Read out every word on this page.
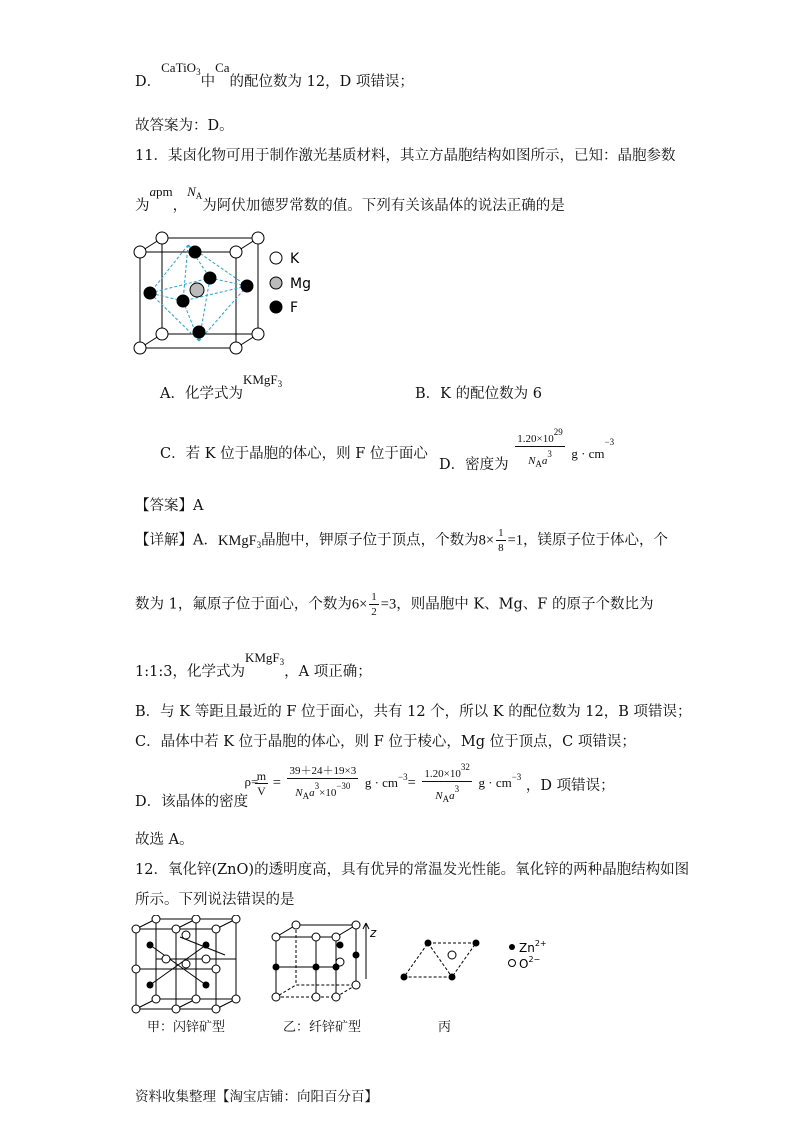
D．CaTiO$_3$中Ca的配位数为 12，D 项错误；
故答案为：D。
11．某卤化物可用于制作激光基质材料，其立方晶胞结构如图所示，已知：晶胞参数
为apm，$N_A$为阿伏加德罗常数的值。下列有关该晶体的说法正确的是
K
Mg
F
A．化学式为KMgF$_3$
B．K 的配位数为 6
C．若 K 位于晶胞的体心，则 F 位于面心
D．密度为 $\frac{1.20\times 10^{29}}{N_Aa^3}$ $g \cdot cm^{-3}$
【答案】A
【详解】A．KMgF$_3$晶胞中，钾原子位于顶点，个数为$8\times \frac{1}{8} =1$，镁原子位于体心，个
数为 1，氟原子位于面心，个数为$6\times \frac{1}{2} =3$，则晶胞中 K、Mg、F 的原子个数比为
1:1:3，化学式为KMgF$_3$，A 项正确；
B．与 K 等距且最近的 F 位于面心，共有 12 个，所以 K 的配位数为 12，B 项错误；
C．晶体中若 K 位于晶胞的体心，则 F 位于棱心，Mg 位于顶点，C 项错误；
D．该晶体的密度
ρ=
m
$V = \frac{39+24+19\times 3}{N_Aa^3\times 10^{-30}}$ $g \cdot cm^{-3}= \frac{1.20\times 10^{32}}{N_Aa^3}$ $g \cdot cm^{-3}$ ，D 项错误；
故选 A。
12．氧化锌(ZnO)的透明度高，具有优异的常温发光性能。氧化锌的两种晶胞结构如图
所示。下列说法错误的是
z
$Zn^{2+}$
$O^{2-}$
甲：闪锌矿型	乙：纤锌矿型	丙
资料收集整理【淘宝店铺：向阳百分百】
